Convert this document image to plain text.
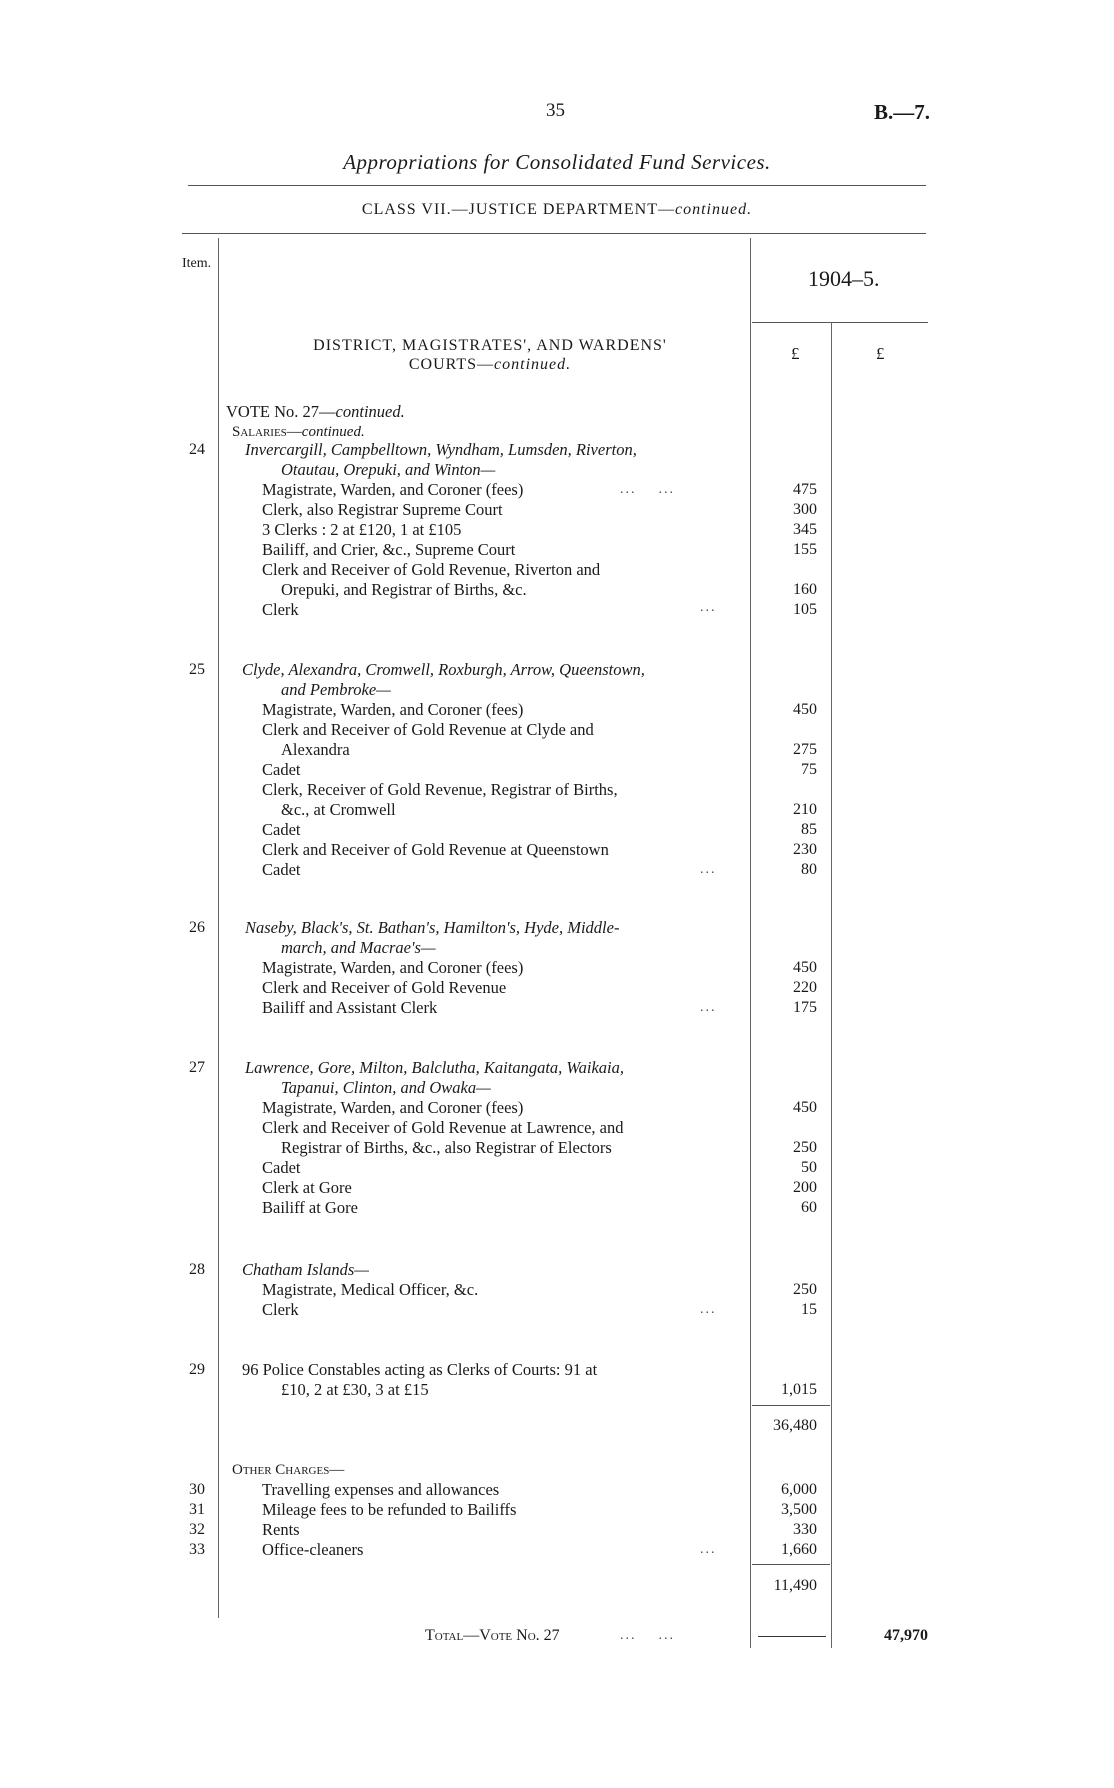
35	B.—7.
Appropriations for Consolidated Fund Services.
CLASS VII.—JUSTICE DEPARTMENT—continued.
Item.
1904–5.
£	£
DISTRICT, MAGISTRATES', AND WARDENS'
COURTS—continued.
VOTE No. 27—continued.
Salaries—continued.
24	Invercargill, Campbelltown, Wyndham, Lumsden, Riverton,
Otautau, Orepuki, and Winton—
Magistrate, Warden, and Coroner (fees)	475
Clerk, also Registrar Supreme Court	300
3 Clerks : 2 at £120, 1 at £105	345
Bailiff, and Crier, &c., Supreme Court	155
Clerk and Receiver of Gold Revenue, Riverton and
Orepuki, and Registrar of Births, &c.	160
Clerk	105
25	Clyde, Alexandra, Cromwell, Roxburgh, Arrow, Queenstown,
and Pembroke—
Magistrate, Warden, and Coroner (fees)	450
Clerk and Receiver of Gold Revenue at Clyde and
Alexandra	275
Cadet	75
Clerk, Receiver of Gold Revenue, Registrar of Births,
&c., at Cromwell	210
Cadet	85
Clerk and Receiver of Gold Revenue at Queenstown	230
Cadet	80
26	Naseby, Black's, St. Bathan's, Hamilton's, Hyde, Middle-
march, and Macrae's—
Magistrate, Warden, and Coroner (fees)	450
Clerk and Receiver of Gold Revenue	220
Bailiff and Assistant Clerk	175
27	Lawrence, Gore, Milton, Balclutha, Kaitangata, Waikaia,
Tapanui, Clinton, and Owaka—
Magistrate, Warden, and Coroner (fees)	450
Clerk and Receiver of Gold Revenue at Lawrence, and
Registrar of Births, &c., also Registrar of Electors	250
Cadet	50
Clerk at Gore	200
Bailiff at Gore	60
28	Chatham Islands—
Magistrate, Medical Officer, &c.	250
Clerk	15
29	96 Police Constables acting as Clerks of Courts: 91 at
£10, 2 at £30, 3 at £15	1,015
36,480
Other Charges—
30	Travelling expenses and allowances	6,000
31	Mileage fees to be refunded to Bailiffs	3,500
32	Rents	330
33	Office-cleaners	1,660
11,490
Total—Vote No. 27	47,970
...    ...
...
...
...
...
...
...    ...
